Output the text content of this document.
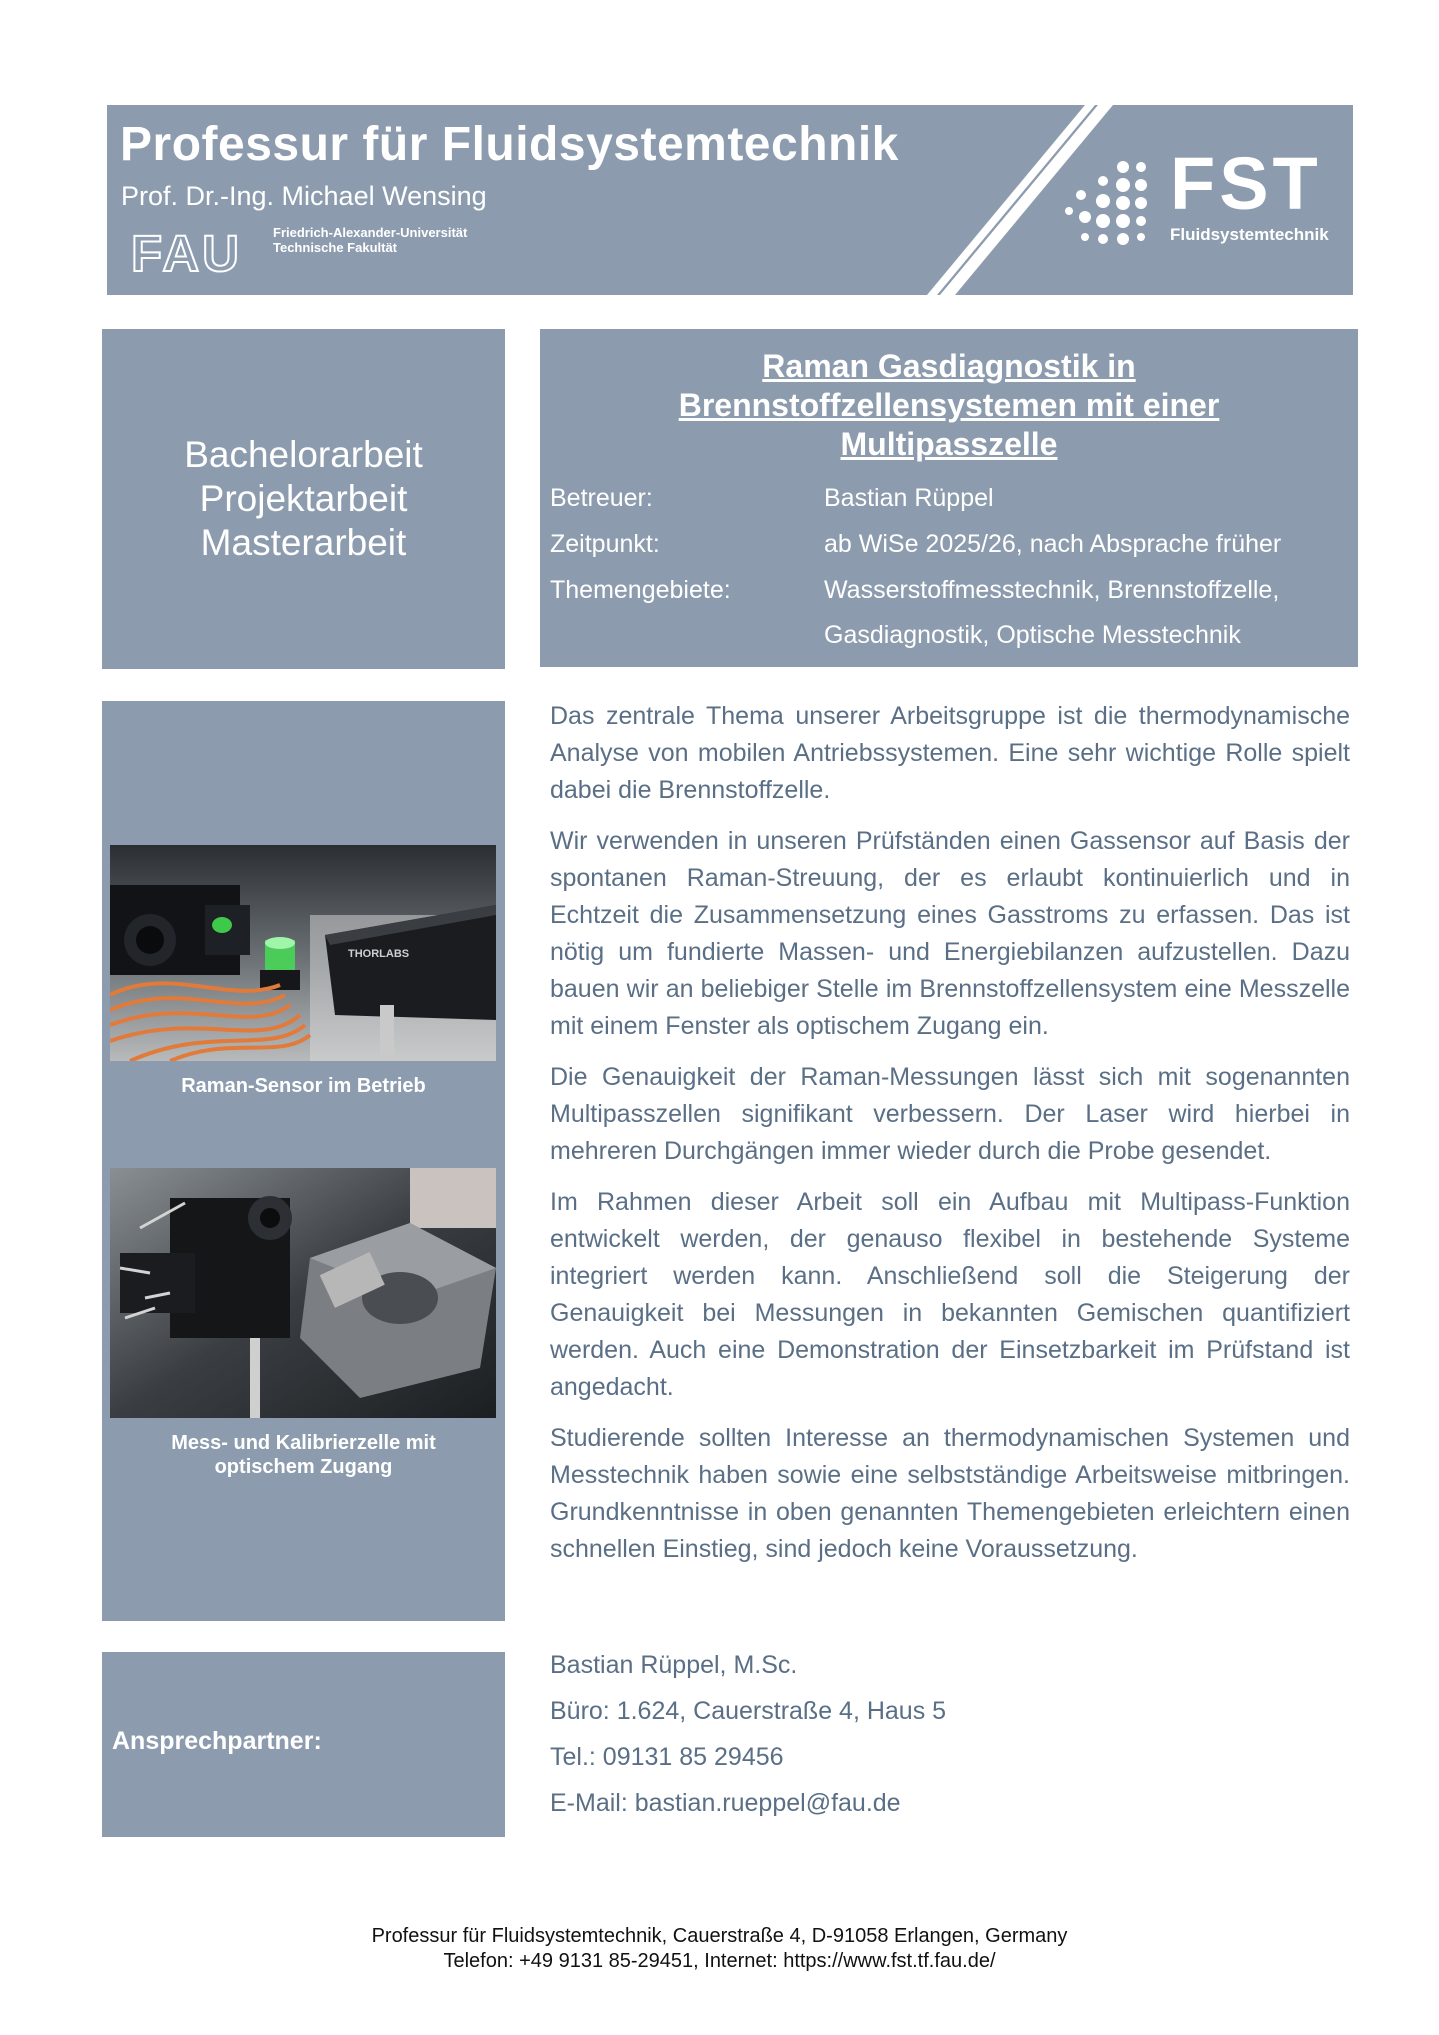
Professur für Fluidsystemtechnik
Prof. Dr.-Ing. Michael Wensing
FAU Friedrich-Alexander-Universität
Technische Fakultät
FST
Fluidsystemtechnik
Bachelorarbeit
Projektarbeit
Masterarbeit
Raman Gasdiagnostik in
Brennstoffzellensystemen mit einer
Multipasszelle
Betreuer:	Bastian Rüppel
Zeitpunkt:	ab WiSe 2025/26, nach Absprache früher
Themengebiete:	Wasserstoffmesstechnik, Brennstoffzelle,
Gasdiagnostik, Optische Messtechnik
THORLABS
Raman-Sensor im Betrieb
Mess- und Kalibrierzelle mit
optischem Zugang

Das zentrale Thema unserer Arbeitsgruppe ist die thermodynamische Analyse von mobilen Antriebssystemen. Eine sehr wichtige Rolle spielt dabei die Brennstoffzelle.

Wir verwenden in unseren Prüfständen einen Gassensor auf Basis der spontanen Raman-Streuung, der es erlaubt kontinuierlich und in Echtzeit die Zusammensetzung eines Gasstroms zu erfassen. Das ist nötig um fundierte Massen- und Energiebilanzen aufzustellen. Dazu bauen wir an beliebiger Stelle im Brennstoffzellensystem eine Messzelle mit einem Fenster als optischem Zugang ein.

Die Genauigkeit der Raman-Messungen lässt sich mit sogenannten Multipasszellen signifikant verbessern. Der Laser wird hierbei in mehreren Durchgängen immer wieder durch die Probe gesendet.

Im Rahmen dieser Arbeit soll ein Aufbau mit Multipass-Funktion entwickelt werden, der genauso flexibel in bestehende Systeme integriert werden kann. Anschließend soll die Steigerung der Genauigkeit bei Messungen in bekannten Gemischen quantifiziert werden. Auch eine Demonstration der Einsetzbarkeit im Prüfstand ist angedacht.

Studierende sollten Interesse an thermodynamischen Systemen und Messtechnik haben sowie eine selbstständige Arbeitsweise mitbringen. Grundkenntnisse in oben genannten Themengebieten erleichtern einen schnellen Einstieg, sind jedoch keine Voraussetzung.

Ansprechpartner:
Bastian Rüppel, M.Sc.
Büro: 1.624, Cauerstraße 4, Haus 5
Tel.: 09131 85 29456
E-Mail: bastian.rueppel@fau.de
Professur für Fluidsystemtechnik, Cauerstraße 4, D-91058 Erlangen, Germany
Telefon: +49 9131 85-29451, Internet: https://www.fst.tf.fau.de/
